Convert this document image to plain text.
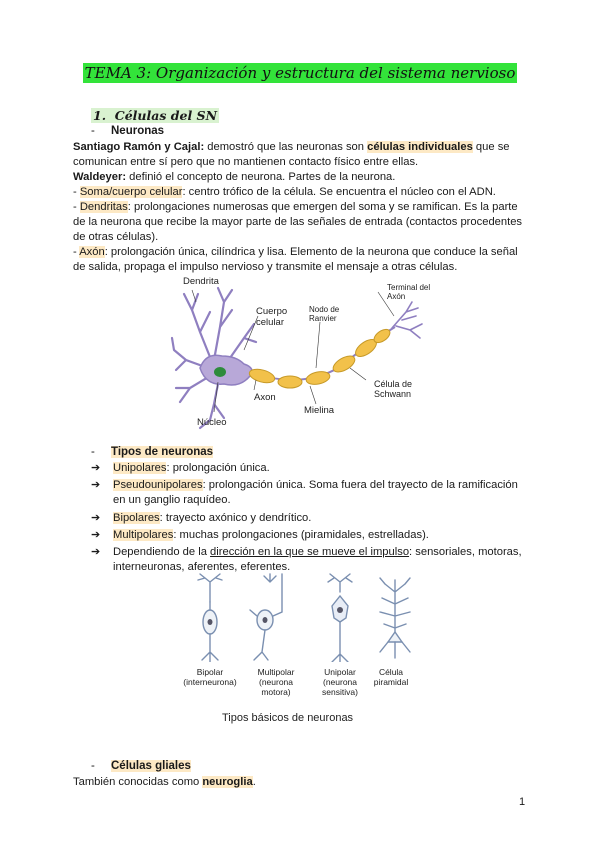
TEMA 3: Organización y estructura del sistema nervioso
1. Células del SN
- Neuronas
Santiago Ramón y Cajal: demostró que las neuronas son células individuales que se
comunican entre sí pero que no mantienen contacto físico entre ellas.
Waldeyer: definió el concepto de neurona. Partes de la neurona.
- Soma/cuerpo celular: centro trófico de la célula. Se encuentra el núcleo con el ADN.
- Dendritas: prolongaciones numerosas que emergen del soma y se ramifican. Es la parte
de la neurona que recibe la mayor parte de las señales de entrada (contactos procedentes
de otras células).
- Axón: prolongación única, cilíndrica y lisa. Elemento de la neurona que conduce la señal
de salida, propaga el impulso nervioso y transmite el mensaje a otras células.
Dendrita
Cuerpo
celular
Nodo de
Ranvier
Terminal del
Axón
Axon
Célula de
Schwann
Mielina
Núcleo
- Tipos de neuronas
➔ Unipolares: prolongación única.
➔ Pseudounipolares: prolongación única. Soma fuera del trayecto de la ramificación en un ganglio raquídeo.
➔ Bipolares: trayecto axónico y dendrítico.
➔ Multipolares: muchas prolongaciones (piramidales, estrelladas).
➔ Dependiendo de la dirección en la que se mueve el impulso: sensoriales, motoras, interneuronas, aferentes, eferentes.
Bipolar
(interneurona)
Multipolar
(neurona
motora)
Unipolar
(neurona
sensitiva)
Célula
piramidal
Tipos básicos de neuronas
- Células gliales
También conocidas como neuroglia.
1
